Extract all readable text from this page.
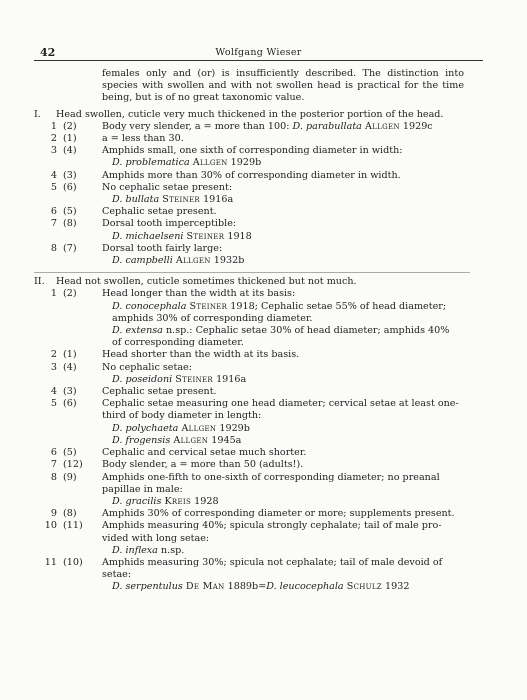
42	Wolfgang Wieser
females only and (or) is insufficiently described. The distinction into species with swollen and with not swollen head is practical for the time being, but is of no great taxonomic value.
I. Head swollen, cuticle very much thickened in the posterior portion of the head.
1 (2)	Body very slender, a = more than 100: D. parabullata Allgen 1929c
2 (1)	a = less than 30.
3 (4)	Amphids small, one sixth of corresponding diameter in width:
D. problematica Allgen 1929b
4 (3)	Amphids more than 30% of corresponding diameter in width.
5 (6)	No cephalic setae present:
D. bullata Steiner 1916a
6 (5)	Cephalic setae present.
7 (8)	Dorsal tooth imperceptible:
D. michaelseni Steiner 1918
8 (7)	Dorsal tooth fairly large:
D. campbelli Allgen 1932b
II. Head not swollen, cuticle sometimes thickened but not much.
1 (2)	Head longer than the width at its basis:
D. conocephala Steiner 1918; Cephalic setae 55% of head diameter;
amphids 30% of corresponding diameter.
D. extensa n.sp.: Cephalic setae 30% of head diameter; amphids 40%
of corresponding diameter.
2 (1)	Head shorter than the width at its basis.
3 (4)	No cephalic setae:
D. poseidoni Steiner 1916a
4 (3)	Cephalic setae present.
5 (6)	Cephalic setae measuring one head diameter; cervical setae at least one-
third of body diameter in length:
D. polychaeta Allgen 1929b
D. frogensis Allgen 1945a
6 (5)	Cephalic and cervical setae much shorter.
7 (12)	Body slender, a = more than 50 (adults!).
8 (9)	Amphids one-fifth to one-sixth of corresponding diameter; no preanal
papillae in male:
D. gracilis Kreis 1928
9 (8)	Amphids 30% of corresponding diameter or more; supplements present.
10 (11)	Amphids measuring 40%; spicula strongly cephalate; tail of male pro-
vided with long setae:
D. inflexa n.sp.
11 (10)	Amphids measuring 30%; spicula not cephalate; tail of male devoid of
setae:
D. serpentulus De Man 1889b=D. leucocephala Schulz 1932
